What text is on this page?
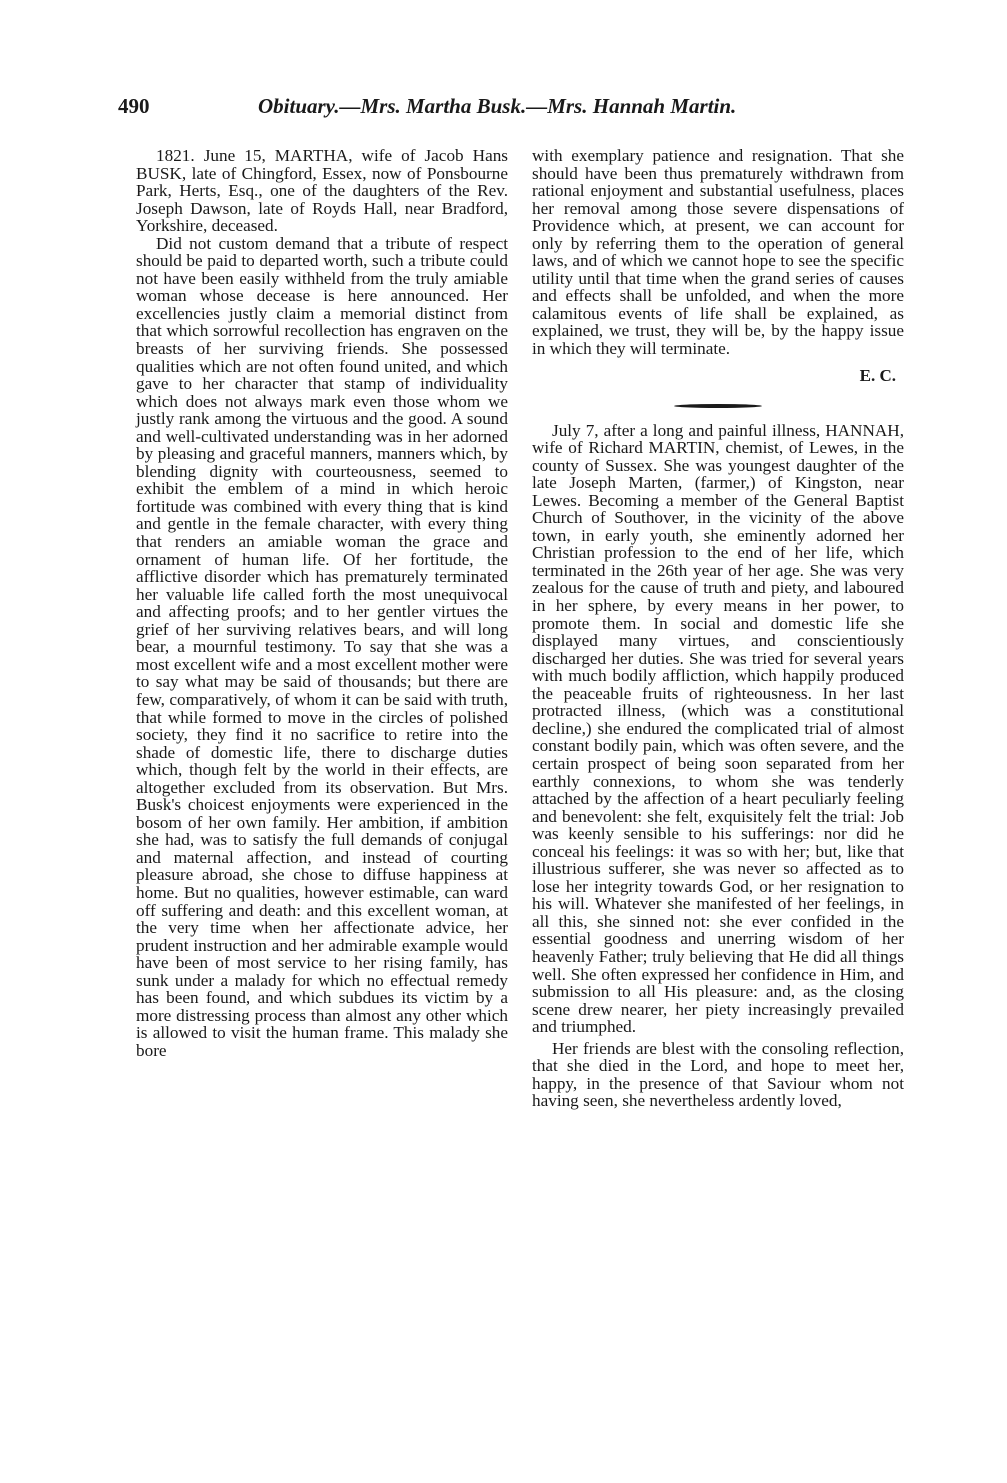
490	Obituary.—Mrs. Martha Busk.—Mrs. Hannah Martin.

1821. June 15, MARTHA, wife of Jacob Hans BUSK, late of Chingford, Essex, now of Ponsbourne Park, Herts, Esq., one of the daughters of the Rev. Joseph Dawson, late of Royds Hall, near Bradford, Yorkshire, deceased.

Did not custom demand that a tribute of respect should be paid to departed worth, such a tribute could not have been easily withheld from the truly amiable woman whose decease is here announced. Her excellencies justly claim a memorial distinct from that which sorrowful recollection has engraven on the breasts of her surviving friends. She possessed qualities which are not often found united, and which gave to her character that stamp of individuality which does not always mark even those whom we justly rank among the virtuous and the good. A sound and well-cultivated understanding was in her adorned by pleasing and graceful manners, manners which, by blending dignity with courteousness, seemed to exhibit the emblem of a mind in which heroic fortitude was combined with every thing that is kind and gentle in the female character, with every thing that renders an amiable woman the grace and ornament of human life. Of her fortitude, the afflictive disorder which has prematurely terminated her valuable life called forth the most unequivocal and affecting proofs; and to her gentler virtues the grief of her surviving relatives bears, and will long bear, a mournful testimony. To say that she was a most excellent wife and a most excellent mother were to say what may be said of thousands; but there are few, comparatively, of whom it can be said with truth, that while formed to move in the circles of polished society, they find it no sacrifice to retire into the shade of domestic life, there to discharge duties which, though felt by the world in their effects, are altogether excluded from its observation. But Mrs. Busk's choicest enjoyments were experienced in the bosom of her own family. Her ambition, if ambition she had, was to satisfy the full demands of conjugal and maternal affection, and instead of courting pleasure abroad, she chose to diffuse happiness at home. But no qualities, however estimable, can ward off suffering and death: and this excellent woman, at the very time when her affectionate advice, her prudent instruction and her admirable example would have been of most service to her rising family, has sunk under a malady for which no effectual remedy has been found, and which subdues its victim by a more distressing process than almost any other which is allowed to visit the human frame. This malady she bore

with exemplary patience and resignation. That she should have been thus prematurely withdrawn from rational enjoyment and substantial usefulness, places her removal among those severe dispensations of Providence which, at present, we can account for only by referring them to the operation of general laws, and of which we cannot hope to see the specific utility until that time when the grand series of causes and effects shall be unfolded, and when the more calamitous events of life shall be explained, as explained, we trust, they will be, by the happy issue in which they will terminate.

E. C.

July 7, after a long and painful illness, HANNAH, wife of Richard MARTIN, chemist, of Lewes, in the county of Sussex. She was youngest daughter of the late Joseph Marten, (farmer,) of Kingston, near Lewes. Becoming a member of the General Baptist Church of Southover, in the vicinity of the above town, in early youth, she eminently adorned her Christian profession to the end of her life, which terminated in the 26th year of her age. She was very zealous for the cause of truth and piety, and laboured in her sphere, by every means in her power, to promote them. In social and domestic life she displayed many virtues, and conscientiously discharged her duties. She was tried for several years with much bodily affliction, which happily produced the peaceable fruits of righteousness. In her last protracted illness, (which was a constitutional decline,) she endured the complicated trial of almost constant bodily pain, which was often severe, and the certain prospect of being soon separated from her earthly connexions, to whom she was tenderly attached by the affection of a heart peculiarly feeling and benevolent: she felt, exquisitely felt the trial: Job was keenly sensible to his sufferings: nor did he conceal his feelings: it was so with her; but, like that illustrious sufferer, she was never so affected as to lose her integrity towards God, or her resignation to his will. Whatever she manifested of her feelings, in all this, she sinned not: she ever confided in the essential goodness and unerring wisdom of her heavenly Father; truly believing that He did all things well. She often expressed her confidence in Him, and submission to all His pleasure: and, as the closing scene drew nearer, her piety increasingly prevailed and triumphed.

Her friends are blest with the consoling reflection, that she died in the Lord, and hope to meet her, happy, in the presence of that Saviour whom not having seen, she nevertheless ardently loved,
